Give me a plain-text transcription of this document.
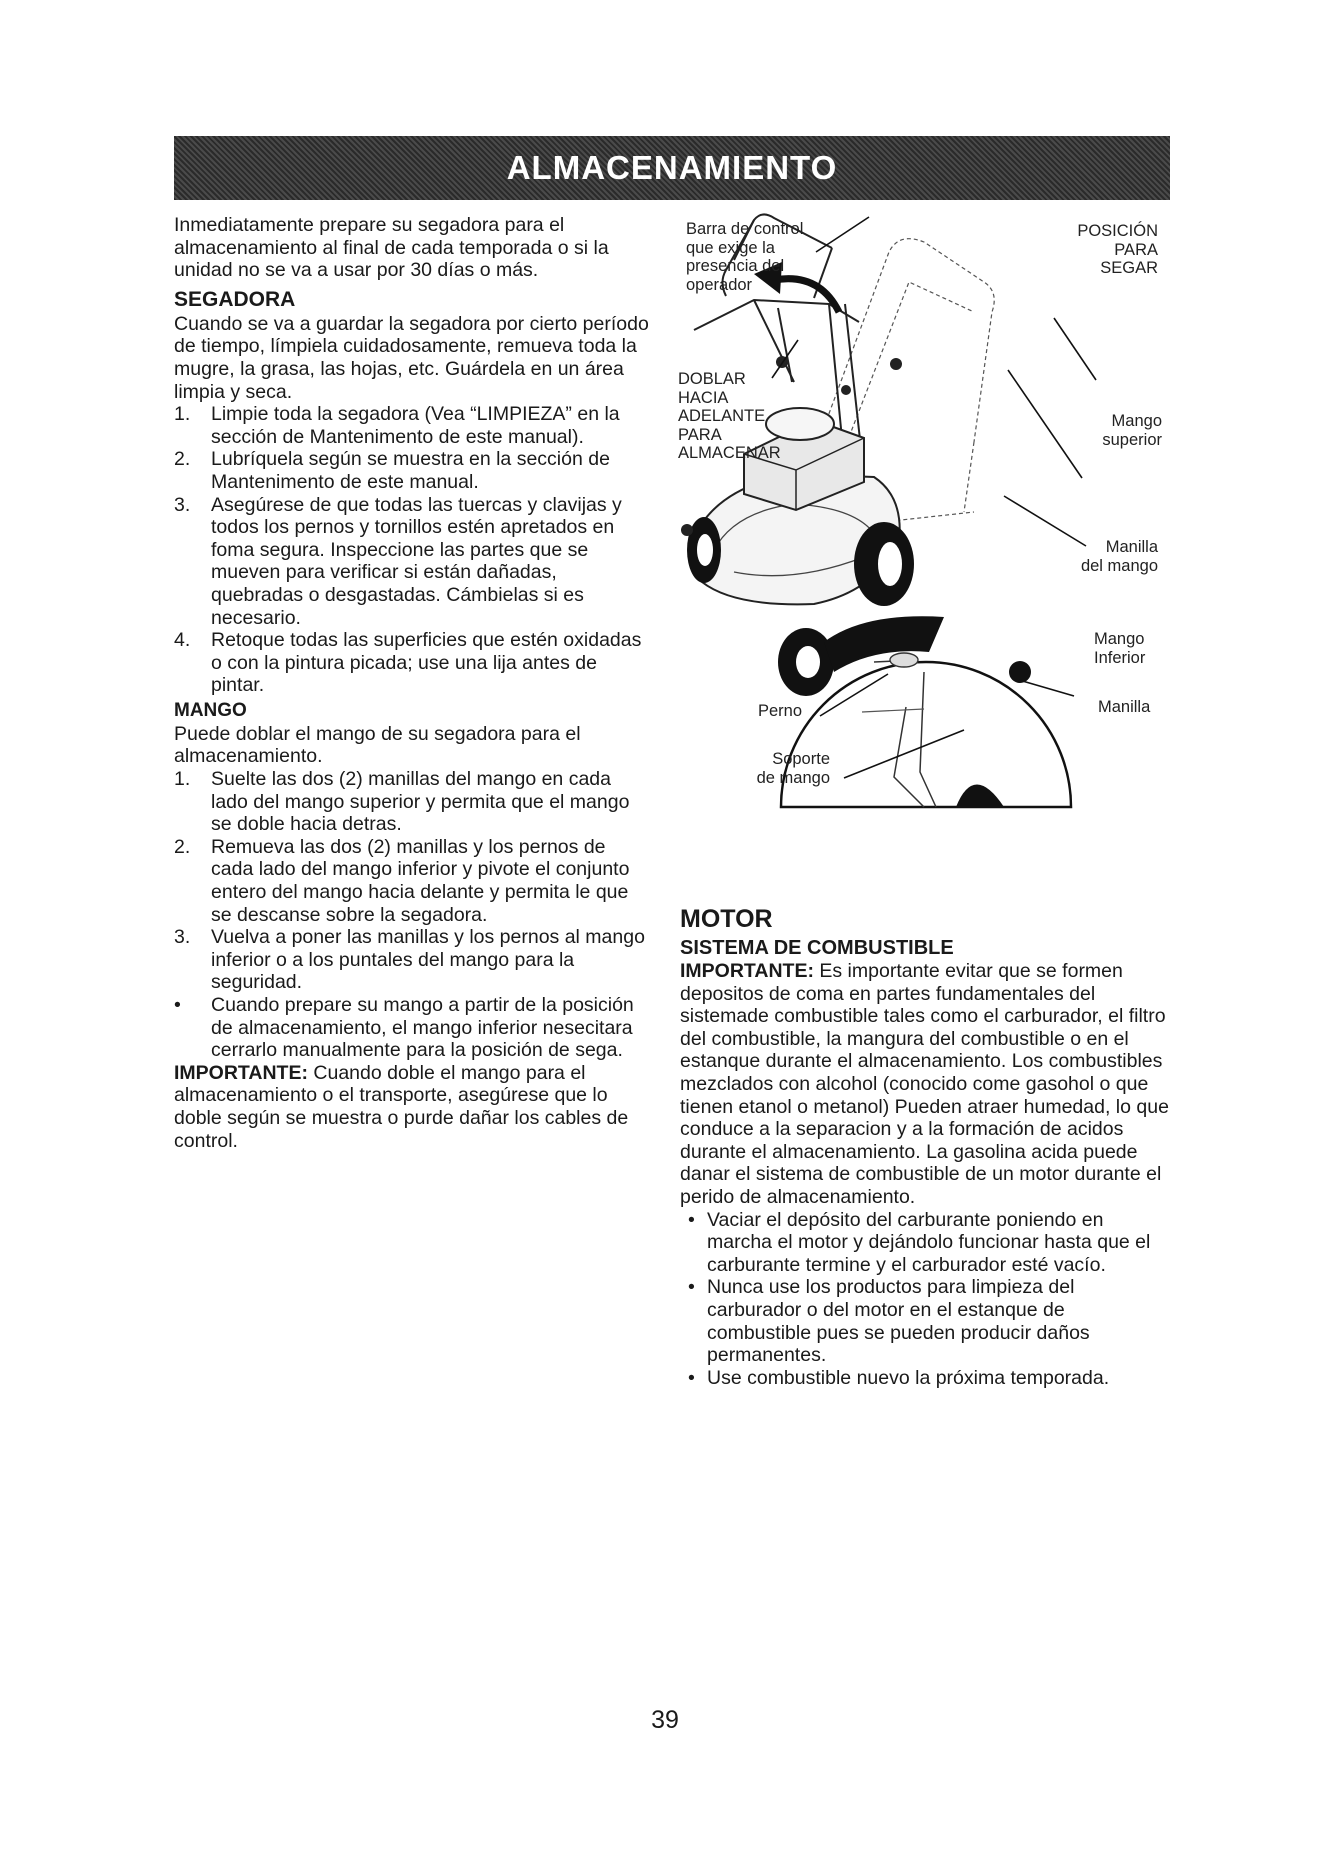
ALMACENAMIENTO

Inmediatamente prepare su segadora para el almacenamiento al final de cada temporada o si la unidad no se va a usar por 30 días o más.

SEGADORA

Cuando se va a guardar la segadora por cierto período de tiempo, límpiela cuidadosamente, remueva toda la mugre, la grasa, las hojas, etc. Guárdela en un área limpia y seca.

1. Limpie toda la segadora (Vea “LIMPIEZA” en la sección de Mantenimento de este manual).
2. Lubríquela según se muestra en la sección de Mantenimento de este manual.
3. Asegúrese de que todas las tuercas y clavijas y todos los pernos y tornillos estén apretados en foma segura. Inspeccione las partes que se mueven para verificar si están dañadas, quebradas o desgastadas. Cámbielas si es necesario.
4. Retoque todas las superficies que estén oxidadas o con la pintura picada; use una lija antes de pintar.
MANGO

Puede doblar el mango de su segadora para el almacenamiento.

1. Suelte las dos (2) manillas del mango en cada lado del mango superior y permita que el mango se doble hacia detras.
2. Remueva las dos (2) manillas y los pernos de cada lado del mango inferior y pivote el conjunto entero del mango hacia delante y permita le que se descanse sobre la segadora.
3. Vuelva a poner las manillas y los pernos al mango inferior o a los puntales del mango para la seguridad.
• Cuando prepare su mango a partir de la posición de almacenamiento, el mango inferior nesecitara cerrarlo manualmente para la posición de sega.

IMPORTANTE: Cuando doble el mango para el almacenamiento o el transporte, asegúrese que lo doble según se muestra o purde dañar los cables de control.

Barra de control
que exige la
presencia del
operador
POSICIÓN
PARA
SEGAR
DOBLAR
HACIA
ADELANTE
PARA
ALMACENAR
Mango
superior
Manilla
del mango
Mango
Inferior
Perno	Manilla
Soporte
de mango
MOTOR
SISTEMA DE COMBUSTIBLE

IMPORTANTE: Es importante evitar que se formen depositos de coma en partes fundamentales del sistemade combustible tales como el carburador, el filtro del combustible, la mangura del combustible o en el estanque durante el almacenamiento. Los combustibles mezclados con alcohol (conocido come gasohol o que tienen etanol o metanol) Pueden atraer humedad, lo que conduce a la separacion y a la formación de acidos durante el almacenamiento. La gasolina acida puede danar el sistema de combustible de un motor durante el perido de almacenamiento.

• Vaciar el depósito del carburante poniendo en marcha el motor y dejándolo funcionar hasta que el carburante termine y el carburador esté vacío.
• Nunca use los productos para limpieza del carburador o del motor en el estanque de combustible pues se pueden producir daños permanentes.
• Use combustible nuevo la próxima temporada.
39
